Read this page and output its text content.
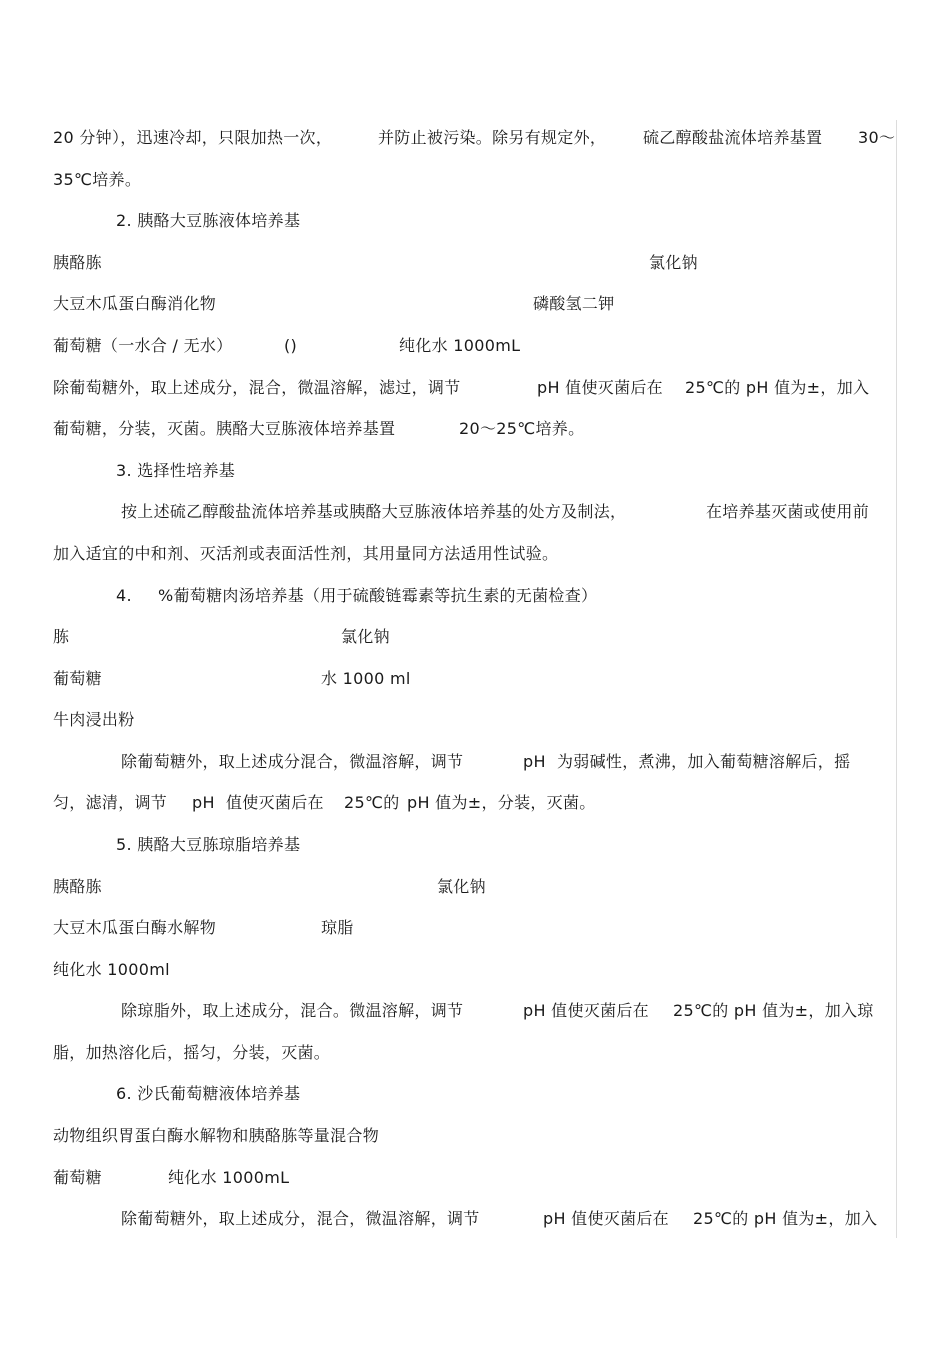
20 分钟），迅速冷却，只限加热一次，	并防止被污染。除另有规定外， 硫乙醇酸盐流体培养基置 30～
35℃培养。
2. 胰酪大豆胨液体培养基
胰酪胨	氯化钠
大豆木瓜蛋白酶消化物	磷酸氢二钾
葡萄糖（一水合 / 无水）	()	纯化水 1000mL
除葡萄糖外，取上述成分，混合，微温溶解，滤过，调节	pH 值使灭菌后在 25℃的 pH 值为±，加入
葡萄糖，分装，灭菌。胰酪大豆胨液体培养基置	20～25℃培养。
3. 选择性培养基
按上述硫乙醇酸盐流体培养基或胰酪大豆胨液体培养基的处方及制法，	在培养基灭菌或使用前
加入适宜的中和剂、灭活剂或表面活性剂，其用量同方法适用性试验。
4. %葡萄糖肉汤培养基（用于硫酸链霉素等抗生素的无菌检查）
胨	氯化钠
葡萄糖	水 1000 ml
牛肉浸出粉
除葡萄糖外，取上述成分混合，微温溶解，调节	pH 为弱碱性，煮沸，加入葡萄糖溶解后，摇
匀，滤清，调节 pH 值使灭菌后在 25℃的 pH 值为±，分装，灭菌。
5. 胰酪大豆胨琼脂培养基
胰酪胨	氯化钠
大豆木瓜蛋白酶水解物	琼脂
纯化水 1000ml
除琼脂外，取上述成分，混合。微温溶解，调节	pH 值使灭菌后在 25℃的 pH 值为±，加入琼
脂，加热溶化后，摇匀，分装，灭菌。
6. 沙氏葡萄糖液体培养基
动物组织胃蛋白酶水解物和胰酪胨等量混合物
葡萄糖	纯化水 1000mL
除葡萄糖外，取上述成分，混合，微温溶解，调节	pH 值使灭菌后在 25℃的 pH 值为±，加入
